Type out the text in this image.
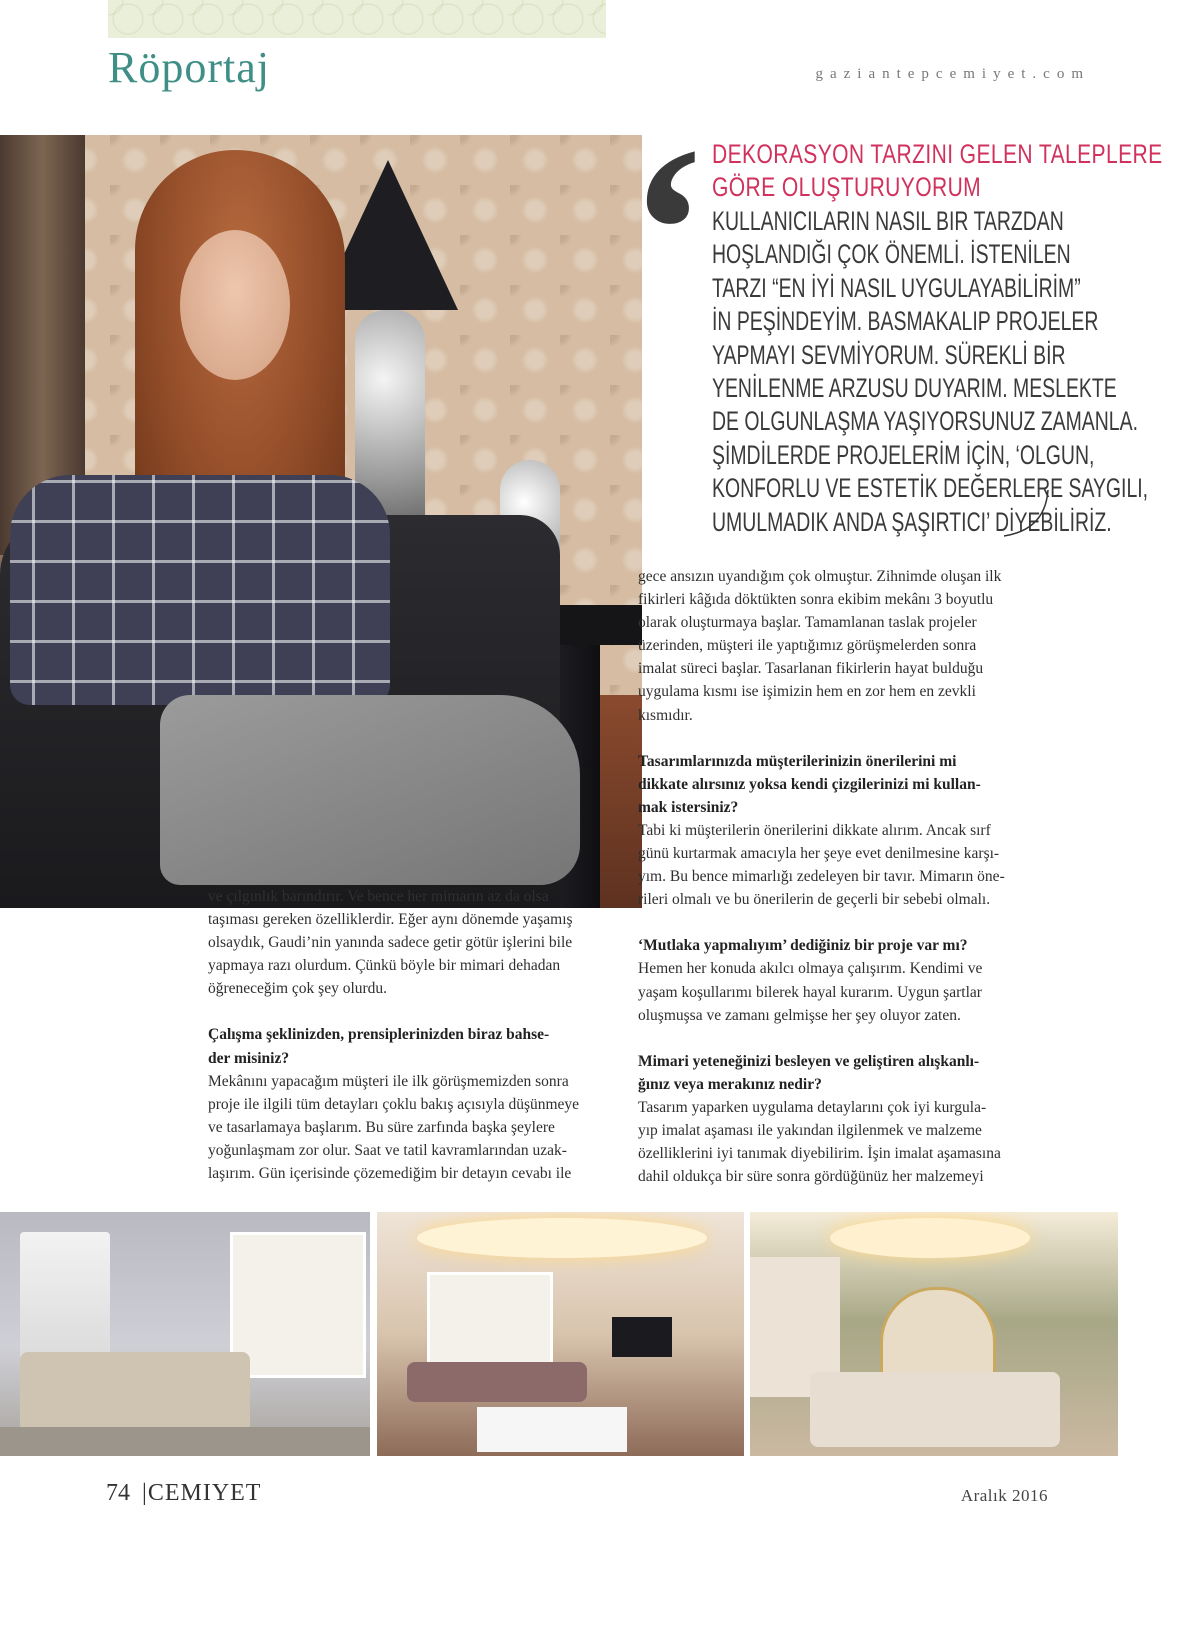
Röportaj	gaziantepcemiyet.com
‘ DEKORASYON TARZINI GELEN TALEPLERE
GÖRE OLUŞTURUYORUM
KULLANICILARIN NASIL BIR TARZDAN
HOŞLANDIĞI ÇOK ÖNEMLİ. İSTENİLEN
TARZI “EN İYİ NASIL UYGULAYABİLİRİM”
İN PEŞİNDEYİM. BASMAKALIP PROJELER
YAPMAYI SEVMİYORUM. SÜREKLİ BİR
YENİLENME ARZUSU DUYARIM. MESLEKTE
DE OLGUNLAŞMA YAŞIYORSUNUZ ZAMANLA.
ŞİMDİLERDE PROJELERİM İÇİN, ‘OLGUN,
KONFORLU VE ESTETİK DEĞERLERE SAYGILI,
UMULMADIK ANDA ŞAŞIRTICI’ DİYEBİLİRİZ.
ve çılgınlık barındırır. Ve bence her mimarın az da olsa
taşıması gereken özelliklerdir. Eğer aynı dönemde yaşamış
olsaydık, Gaudi’nin yanında sadece getir götür işlerini bile
yapmaya razı olurdum. Çünkü böyle bir mimari dehadan
öğreneceğim çok şey olurdu.
Çalışma şeklinizden, prensiplerinizden biraz bahse-
der misiniz?
Mekânını yapacağım müşteri ile ilk görüşmemizden sonra
proje ile ilgili tüm detayları çoklu bakış açısıyla düşünmeye
ve tasarlamaya başlarım. Bu süre zarfında başka şeylere
yoğunlaşmam zor olur. Saat ve tatil kavramlarından uzak-
laşırım. Gün içerisinde çözemediğim bir detayın cevabı ile
gece ansızın uyandığım çok olmuştur. Zihnimde oluşan ilk
fikirleri kâğıda döktükten sonra ekibim mekânı 3 boyutlu
olarak oluşturmaya başlar. Tamamlanan taslak projeler
üzerinden, müşteri ile yaptığımız görüşmelerden sonra
imalat süreci başlar. Tasarlanan fikirlerin hayat bulduğu
uygulama kısmı ise işimizin hem en zor hem en zevkli
kısmıdır.
Tasarımlarınızda müşterilerinizin önerilerini mi
dikkate alırsınız yoksa kendi çizgilerinizi mi kullan-
mak istersiniz?
Tabi ki müşterilerin önerilerini dikkate alırım. Ancak sırf
günü kurtarmak amacıyla her şeye evet denilmesine karşı-
yım. Bu bence mimarlığı zedeleyen bir tavır. Mimarın öne-
rileri olmalı ve bu önerilerin de geçerli bir sebebi olmalı.
‘Mutlaka yapmalıyım’ dediğiniz bir proje var mı?
Hemen her konuda akılcı olmaya çalışırım. Kendimi ve
yaşam koşullarımı bilerek hayal kurarım. Uygun şartlar
oluşmuşsa ve zamanı gelmişse her şey oluyor zaten.
Mimari yeteneğinizi besleyen ve geliştiren alışkanlı-
ğınız veya merakınız nedir?
Tasarım yaparken uygulama detaylarını çok iyi kurgula-
yıp imalat aşaması ile yakından ilgilenmek ve malzeme
özelliklerini iyi tanımak diyebilirim. İşin imalat aşamasına
dahil oldukça bir süre sonra gördüğünüz her malzemeyi
74 |CEMIYET	Aralık 2016
